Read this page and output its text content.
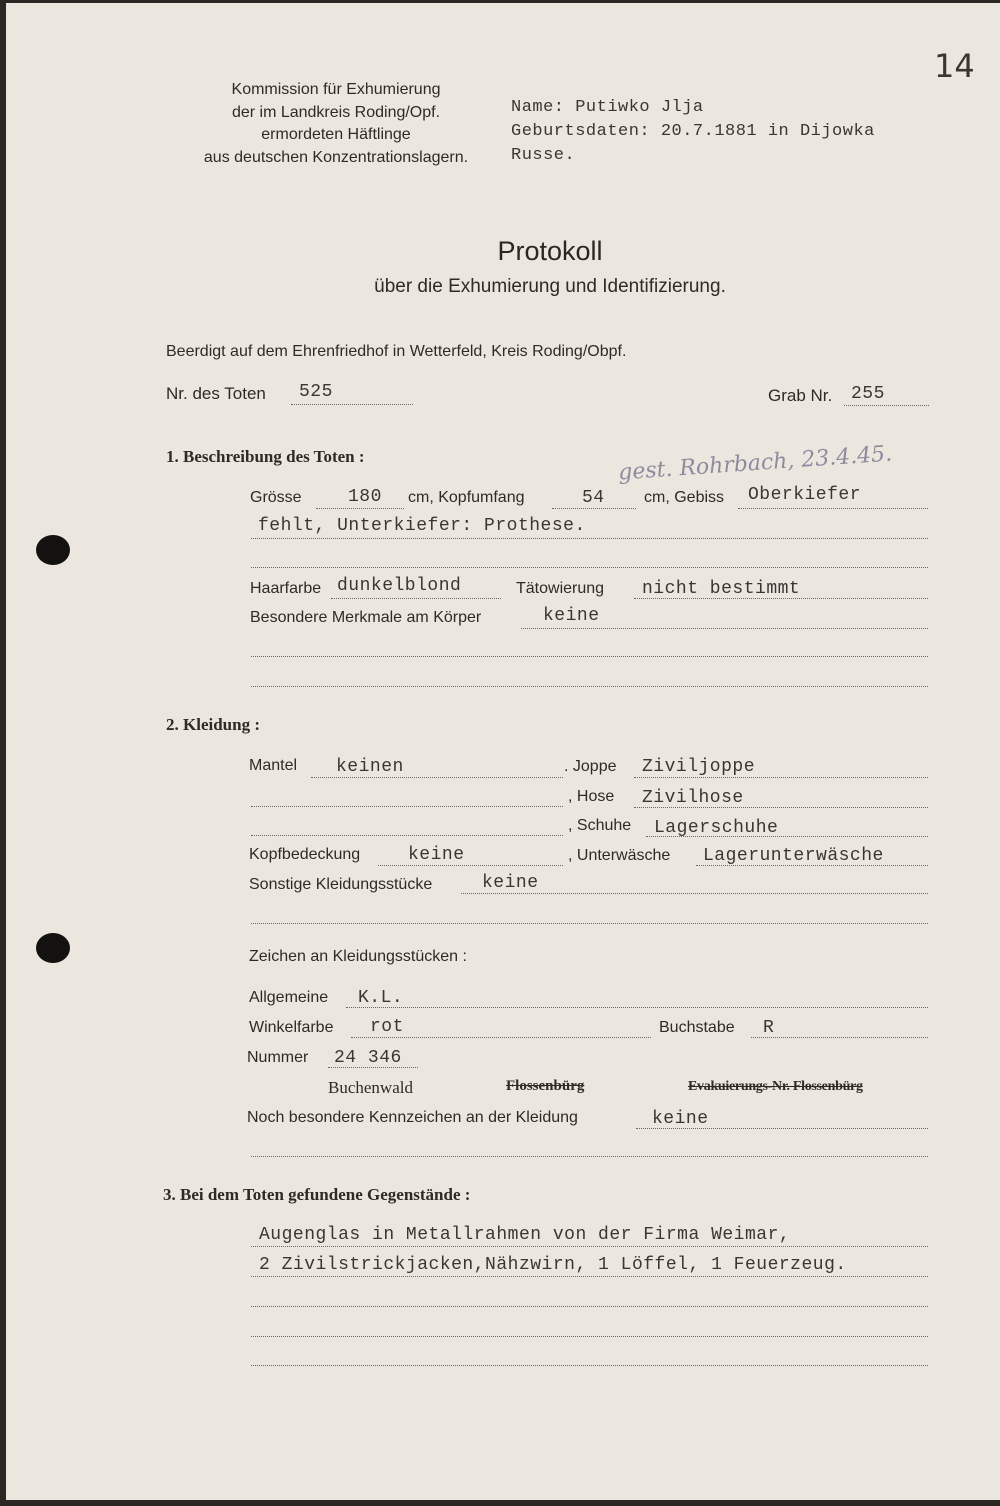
14
Kommission für Exhumierung
der im Landkreis Roding/Opf.
ermordeten Häftlinge
aus deutschen Konzentrationslagern.
Name: Putiwko Jlja
Geburtsdaten: 20.7.1881 in Dijowka
Russe.
Protokoll
über die Exhumierung und Identifizierung.
Beerdigt auf dem Ehrenfriedhof in Wetterfeld, Kreis Roding/Obpf.
Nr. des Toten 525	Grab Nr. 255
1. Beschreibung des Toten :	gest. Rohrbach, 23.4.45.
Grösse	180 cm, Kopfumfang	54 cm, Gebiss Oberkiefer
fehlt, Unterkiefer: Prothese.
Haarfarbe dunkelblond	Tätowierung nicht bestimmt
Besondere Merkmale am Körper	keine
2. Kleidung :
Mantel keinen	. Joppe Ziviljoppe
, Hose Zivilhose
, Schuhe Lagerschuhe
Kopfbedeckung	keine	, Unterwäsche Lagerunterwäsche
Sonstige Kleidungsstücke	keine
Zeichen an Kleidungsstücken :
Allgemeine K.L.
Winkelfarbe rot	Buchstabe R
Nummer 24 346
Buchenwald	Flossenbürg	Evakuierungs-Nr. Flossenbürg
Noch besondere Kennzeichen an der Kleidung	keine
3. Bei dem Toten gefundene Gegenstände :
Augenglas in Metallrahmen von der Firma Weimar,
2 Zivilstrickjacken,Nähzwirn, 1 Löffel, 1 Feuerzeug.
